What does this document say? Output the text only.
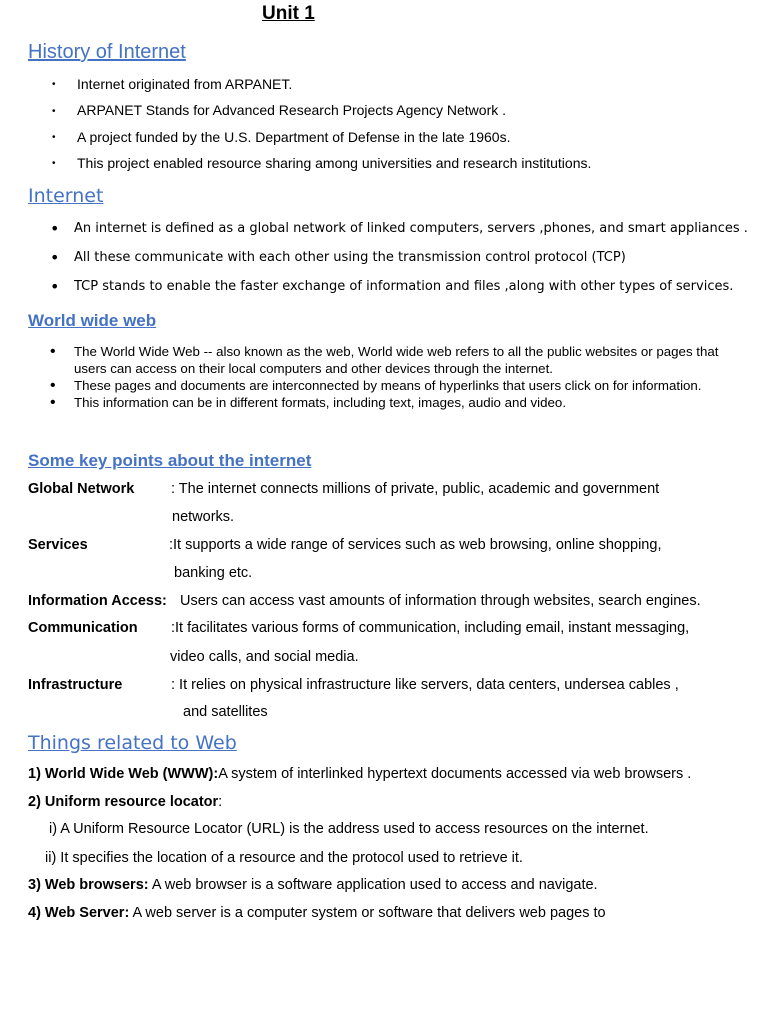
Unit 1
History of Internet
• Internet originated from ARPANET.
• ARPANET Stands for Advanced Research Projects Agency Network .
• A project funded by the U.S. Department of Defense in the late 1960s.
• This project enabled resource sharing among universities and research institutions.
Internet
• An internet is defined as a global network of linked computers, servers ,phones, and smart appliances .
• All these communicate with each other using the transmission control protocol (TCP)
• TCP stands to enable the faster exchange of information and files ,along with other types of services.
World wide web
• The World Wide Web -- also known as the web, World wide web refers to all the public websites or pages that users can access on their local computers and other devices through the internet.
• These pages and documents are interconnected by means of hyperlinks that users click on for information.
• This information can be in different formats, including text, images, audio and video.
Some key points about the internet
Global Network	: The internet connects millions of private, public, academic and government
networks.
Services	:It supports a wide range of services such as web browsing, online shopping,
banking etc.
Information Access: Users can access vast amounts of information through websites, search engines.
Communication :It facilitates various forms of communication, including email, instant messaging,
video calls, and social media.
Infrastructure	: It relies on physical infrastructure like servers, data centers, undersea cables ,
and satellites
Things related to Web
1) World Wide Web (WWW):A system of interlinked hypertext documents accessed via web browsers .
2) Uniform resource locator:
i) A Uniform Resource Locator (URL) is the address used to access resources on the internet.
ii) It specifies the location of a resource and the protocol used to retrieve it.
3) Web browsers: A web browser is a software application used to access and navigate.
4) Web Server: A web server is a computer system or software that delivers web pages to
